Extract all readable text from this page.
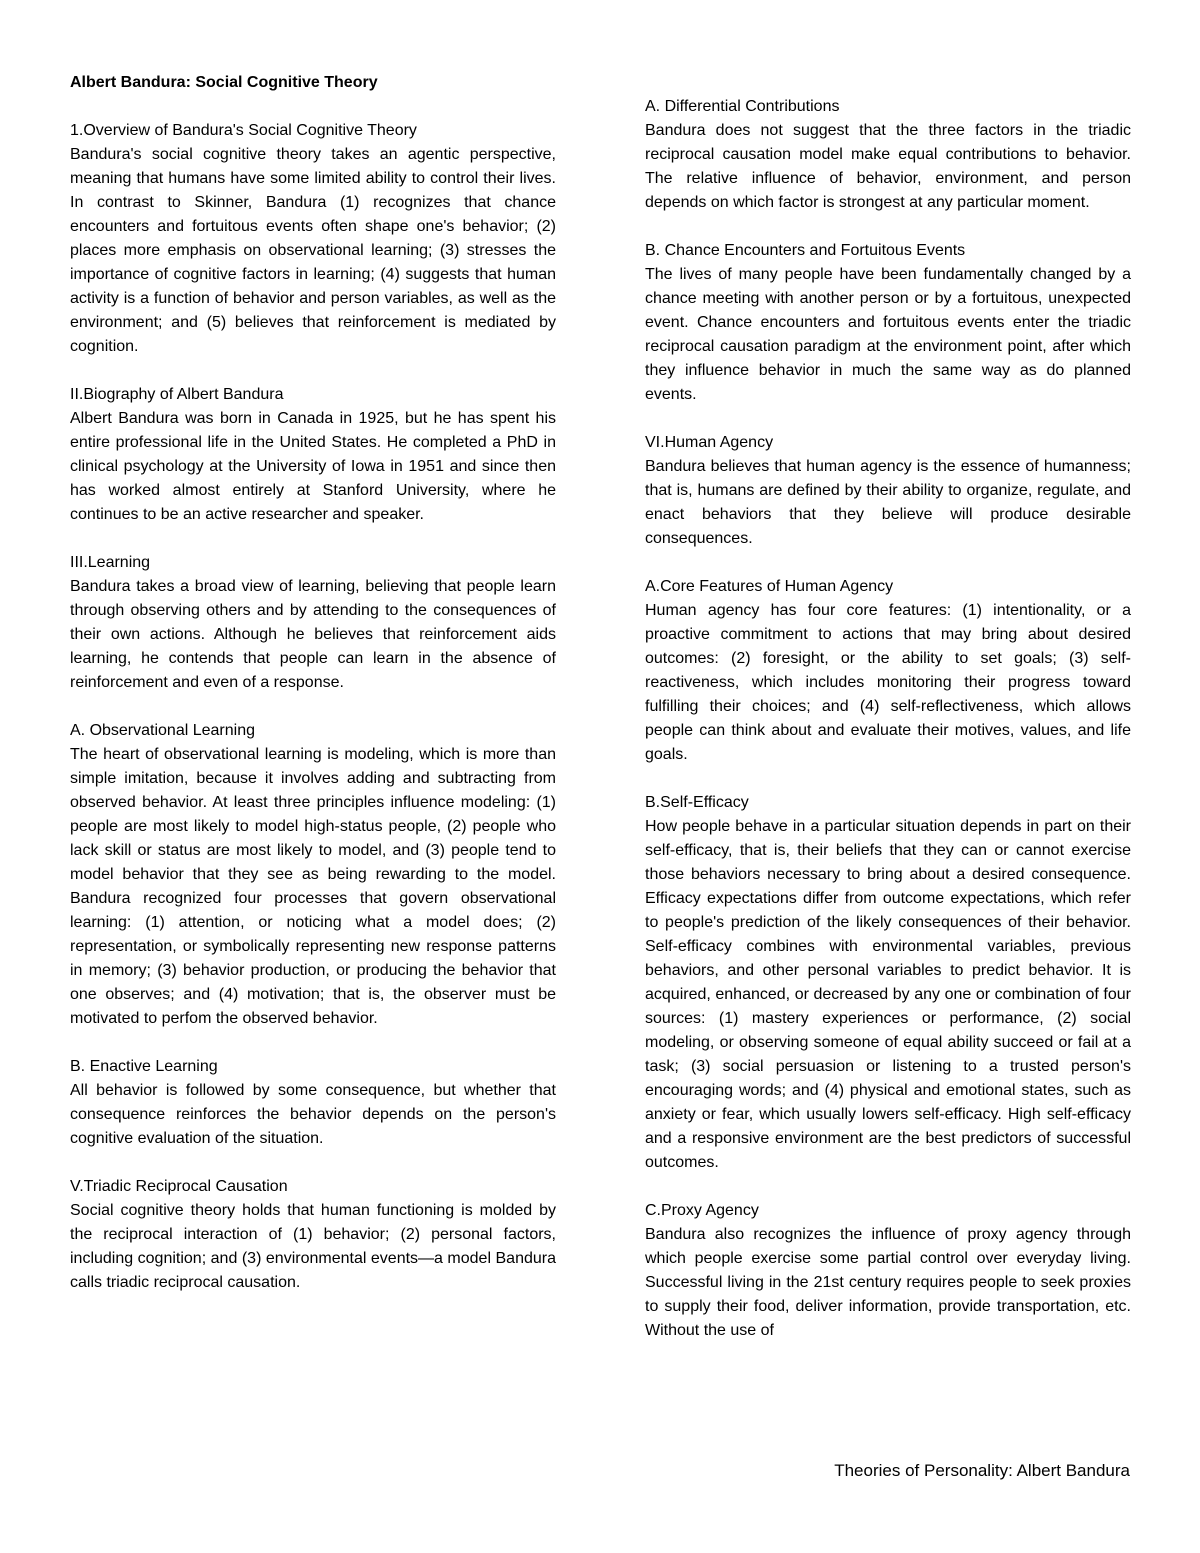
Albert Bandura: Social Cognitive Theory
1.Overview of Bandura's Social Cognitive Theory
Bandura's social cognitive theory takes an agentic perspective, meaning that humans have some limited ability to control their lives. In contrast to Skinner, Bandura (1) recognizes that chance encounters and fortuitous events often shape one's behavior; (2) places more emphasis on observational learning; (3) stresses the importance of cognitive factors in learning; (4) suggests that human activity is a function of behavior and person variables, as well as the environment; and (5) believes that reinforcement is mediated by cognition.
II.Biography of Albert Bandura
Albert Bandura was born in Canada in 1925, but he has spent his entire professional life in the United States. He completed a PhD in clinical psychology at the University of Iowa in 1951 and since then has worked almost entirely at Stanford University, where he continues to be an active researcher and speaker.
III.Learning
Bandura takes a broad view of learning, believing that people learn through observing others and by attending to the consequences of their own actions. Although he believes that reinforcement aids learning, he contends that people can learn in the absence of reinforcement and even of a response.
A. Observational Learning
The heart of observational learning is modeling, which is more than simple imitation, because it involves adding and subtracting from observed behavior. At least three principles influence modeling: (1) people are most likely to model high-status people, (2) people who lack skill or status are most likely to model, and (3) people tend to model behavior that they see as being rewarding to the model. Bandura recognized four processes that govern observational learning: (1) attention, or noticing what a model does; (2) representation, or symbolically representing new response patterns in memory; (3) behavior production, or producing the behavior that one observes; and (4) motivation; that is, the observer must be motivated to perfom the observed behavior.
B. Enactive Learning
All behavior is followed by some consequence, but whether that consequence reinforces the behavior depends on the person's cognitive evaluation of the situation.
V.Triadic Reciprocal Causation
Social cognitive theory holds that human functioning is molded by the reciprocal interaction of (1) behavior; (2) personal factors, including cognition; and (3) environmental events—a model Bandura calls triadic reciprocal causation.
A. Differential Contributions
Bandura does not suggest that the three factors in the triadic reciprocal causation model make equal contributions to behavior. The relative influence of behavior, environment, and person depends on which factor is strongest at any particular moment.
B. Chance Encounters and Fortuitous Events
The lives of many people have been fundamentally changed by a chance meeting with another person or by a fortuitous, unexpected event. Chance encounters and fortuitous events enter the triadic reciprocal causation paradigm at the environment point, after which they influence behavior in much the same way as do planned events.
VI.Human Agency
Bandura believes that human agency is the essence of humanness; that is, humans are defined by their ability to organize, regulate, and enact behaviors that they believe will produce desirable consequences.
A.Core Features of Human Agency
Human agency has four core features: (1) intentionality, or a proactive commitment to actions that may bring about desired outcomes: (2) foresight, or the ability to set goals; (3) self-reactiveness, which includes monitoring their progress toward fulfilling their choices; and (4) self-reflectiveness, which allows people can think about and evaluate their motives, values, and life goals.
B.Self-Efficacy
How people behave in a particular situation depends in part on their self-efficacy, that is, their beliefs that they can or cannot exercise those behaviors necessary to bring about a desired consequence. Efficacy expectations differ from outcome expectations, which refer to people's prediction of the likely consequences of their behavior. Self-efficacy combines with environmental variables, previous behaviors, and other personal variables to predict behavior. It is acquired, enhanced, or decreased by any one or combination of four sources: (1) mastery experiences or performance, (2) social modeling, or observing someone of equal ability succeed or fail at a task; (3) social persuasion or listening to a trusted person's encouraging words; and (4) physical and emotional states, such as anxiety or fear, which usually lowers self-efficacy. High self-efficacy and a responsive environment are the best predictors of successful outcomes.
C.Proxy Agency
Bandura also recognizes the influence of proxy agency through which people exercise some partial control over everyday living. Successful living in the 21st century requires people to seek proxies to supply their food, deliver information, provide transportation, etc. Without the use of
Theories of Personality: Albert Bandura
